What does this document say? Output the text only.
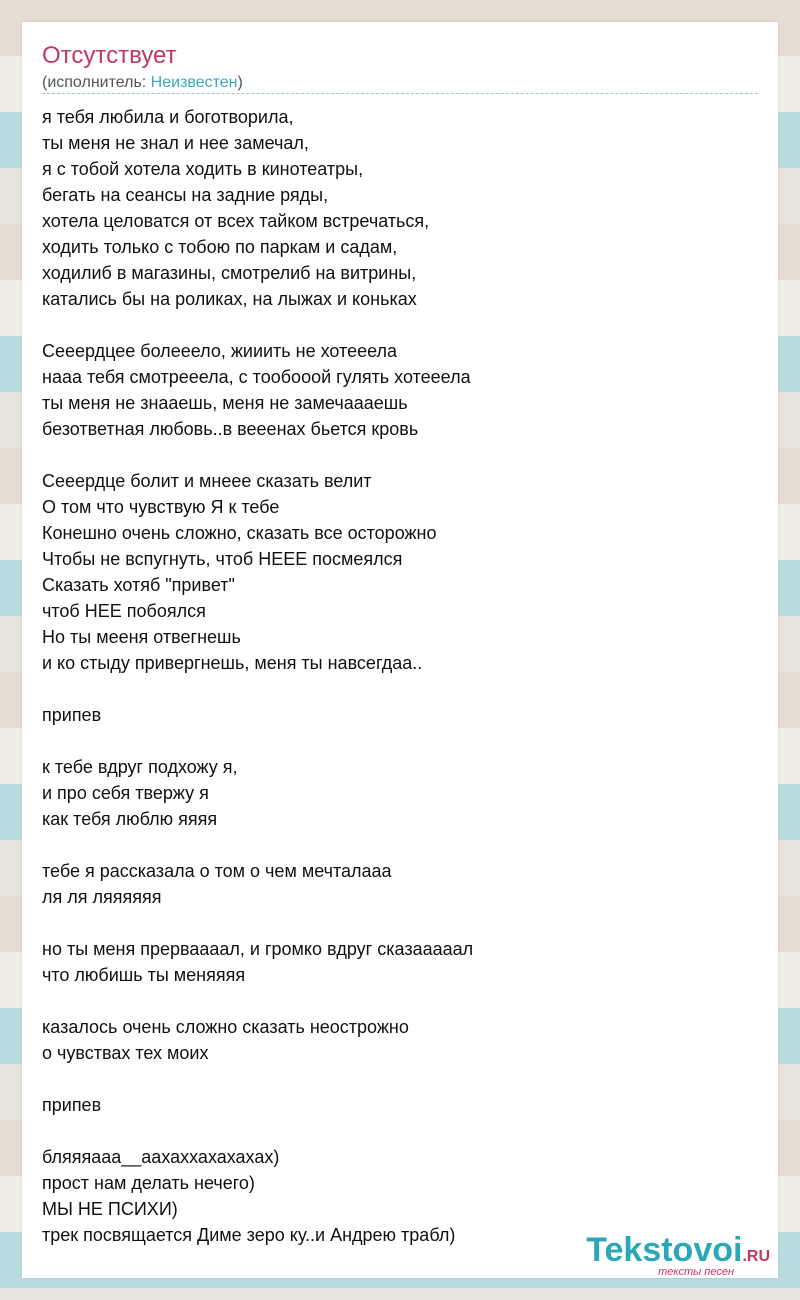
Отсутствует
(исполнитель: Неизвестен)
я тебя любила и боготворила,
ты меня не знал и нее замечал,
я с тобой хотела ходить в кинотеатры,
бегать на сеансы на задние ряды,
хотела целоватся от всех тайком встречаться,
ходить только с тобою по паркам и садам,
ходилиб в магазины, смотрелиб на витрины,
катались бы на роликах, на лыжах и коньках
Сееердцее болееело, жииить не хотееела
нааа тебя смотрееела, с тообооой гулять хотееела
ты меня не знааешь, меня не замечаааешь
безответная любовь..в вееенах бьется кровь
Сееердце болит и мнеее сказать велит
О том что чувствую Я к тебе
Конешно очень сложно, сказать все осторожно
Чтобы не вспугнуть, чтоб НЕЕЕ посмеялся
Сказать хотяб "привет"
чтоб НЕЕ побоялся
Но ты мееня отвегнешь
и ко стыду привергнешь, меня ты навсегдаа..
припев
к тебе вдруг подхожу я,
и про себя твержу я
как тебя люблю яяяя
тебе я рассказала о том о чем мечталааа
ля ля ляяяяяя
но ты меня прерваааал, и громко вдруг сказааааал
что любишь ты меняяяя
казалось очень сложно сказать неострожно
о чувствах тех моих
припев
бляяяааа__аахаххахахахах)
прост нам делать нечего)
МЫ НЕ ПСИХИ)
трек посвящается Диме зеро ку..и Андрею трабл)	Tekstovoi.RU
тексты песен
